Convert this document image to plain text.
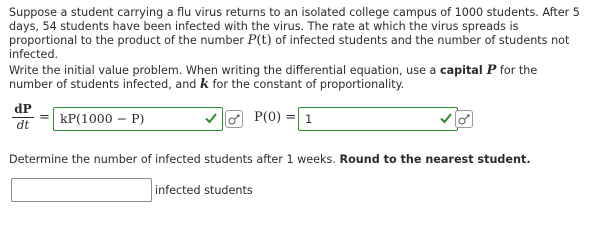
Suppose a student carrying a flu virus returns to an isolated college campus of 1000 students. After 5 days, 54 students have been infected with the virus. The rate at which the virus spreads is proportional to the product of the number P(t) of infected students and the number of students not infected.
Write the initial value problem. When writing the differential equation, use a capital P for the number of students infected, and k for the constant of proportionality.
dP
dt = kP(1000 − P)	P(0) = 1
Determine the number of infected students after 1 weeks. Round to the nearest student.
infected students
